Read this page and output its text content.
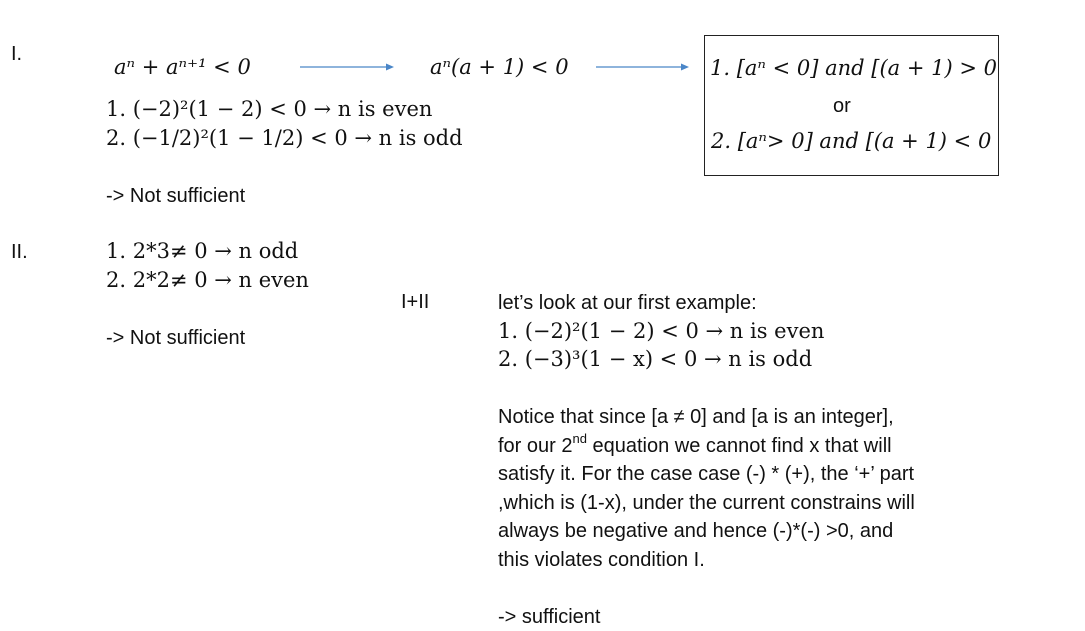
I.
aⁿ + aⁿ⁺¹ < 0	aⁿ(a + 1) < 0	1. [aⁿ < 0] and [(a + 1) > 0
or
2. [aⁿ> 0] and [(a + 1) < 0
1. (−2)²(1 − 2) < 0 → n is even
2. (−1/2)²(1 − 1/2) < 0 → n is odd
-> Not sufficient
II.	1. 2*3≠ 0 → n odd
2. 2*2≠ 0 → n even
-> Not sufficient
I+II	let’s look at our first example:
1. (−2)²(1 − 2) < 0 → n is even
2. (−3)³(1 − x) < 0 → n is odd
Notice that since [a ≠ 0] and [a is an integer],
for our 2nd equation we cannot find x that will
satisfy it. For the case case (-) * (+), the ‘+’ part
,which is (1-x), under the current constrains will
always be negative and hence (-)*(-) >0, and
this violates condition I.
-> sufficient
